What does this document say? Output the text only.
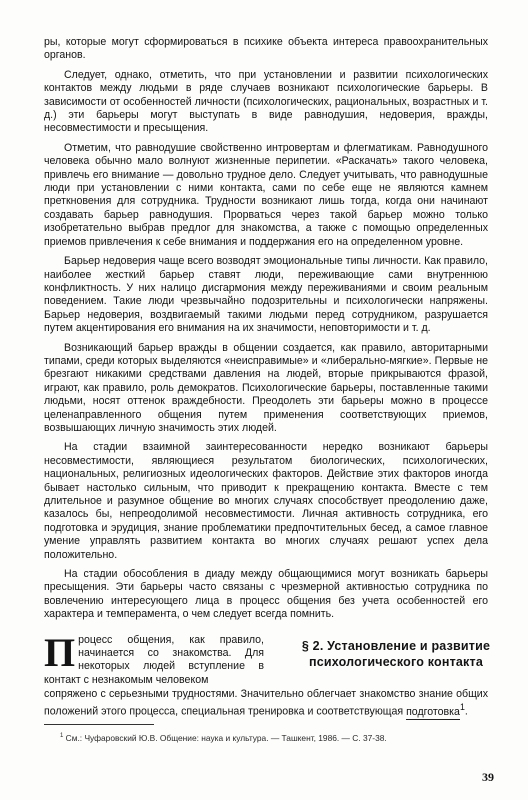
ры, которые могут сформироваться в психике объекта интереса правоохранительных органов.

Следует, однако, отметить, что при установлении и развитии психологических контактов между людьми в ряде случаев возникают психологические барьеры. В зависимости от особенностей личности (психологических, рациональных, возрастных и т. д.) эти барьеры могут выступать в виде равнодушия, недоверия, вражды, несовместимости и пресыщения.

Отметим, что равнодушие свойственно интровертам и флегматикам. Равнодушного человека обычно мало волнуют жизненные перипетии. «Раскачать» такого человека, привлечь его внимание — довольно трудное дело. Следует учитывать, что равнодушные люди при установлении с ними контакта, сами по себе еще не являются камнем преткновения для сотрудника. Трудности возникают лишь тогда, когда они начинают создавать барьер равнодушия. Прорваться через такой барьер можно только изобретательно выбрав предлог для знакомства, а также с помощью определенных приемов привлечения к себе внимания и поддержания его на определенном уровне.

Барьер недоверия чаще всего возводят эмоциональные типы личности. Как правило, наиболее жесткий барьер ставят люди, переживающие сами внутреннюю конфликтность. У них налицо дисгармония между переживаниями и своим реальным поведением. Такие люди чрезвычайно подозрительны и психологически напряжены. Барьер недоверия, воздвигаемый такими людьми перед сотрудником, разрушается путем акцентирования его внимания на их значимости, неповторимости и т. д.

Возникающий барьер вражды в общении создается, как правило, авторитарными типами, среди которых выделяются «неисправимые» и «либерально-мягкие». Первые не брезгают никакими средствами давления на людей, вторые прикрываются фразой, играют, как правило, роль демократов. Психологические барьеры, поставленные такими людьми, носят оттенок враждебности. Преодолеть эти барьеры можно в процессе целенаправленного общения путем применения соответствующих приемов, возвышающих личную значимость этих людей.

На стадии взаимной заинтересованности нередко возникают барьеры несовместимости, являющиеся результатом биологических, психологических, национальных, религиозных идеологических факторов. Действие этих факторов иногда бывает настолько сильным, что приводит к прекращению контакта. Вместе с тем длительное и разумное общение во многих случаях способствует преодолению даже, казалось бы, непреодолимой несовместимости. Личная активность сотрудника, его подготовка и эрудиция, знание проблематики предпочтительных бесед, а самое главное умение управлять развитием контакта во многих случаях решают успех дела положительно.

На стадии обособления в диаду между общающимися могут возникать барьеры пресыщения. Эти барьеры часто связаны с чрезмерной активностью сотрудника по вовлечению интересующего лица в процесс общения без учета особенностей его характера и темперамента, о чем следует всегда помнить.

Процесс общения, как правило, начинается со знакомства. Для некоторых людей вступление в контакт с незнакомым человеком
§ 2. Установление и развитие психологического контакта
сопряжено с серьезными трудностями. Значительно облегчает знакомство знание общих положений этого процесса, специальная тренировка и соответствующая подготовка$^1$.
$^1$ См.: Чуфаровский Ю.В. Общение: наука и культура. — Ташкент, 1986. — С. 37-38.
39
